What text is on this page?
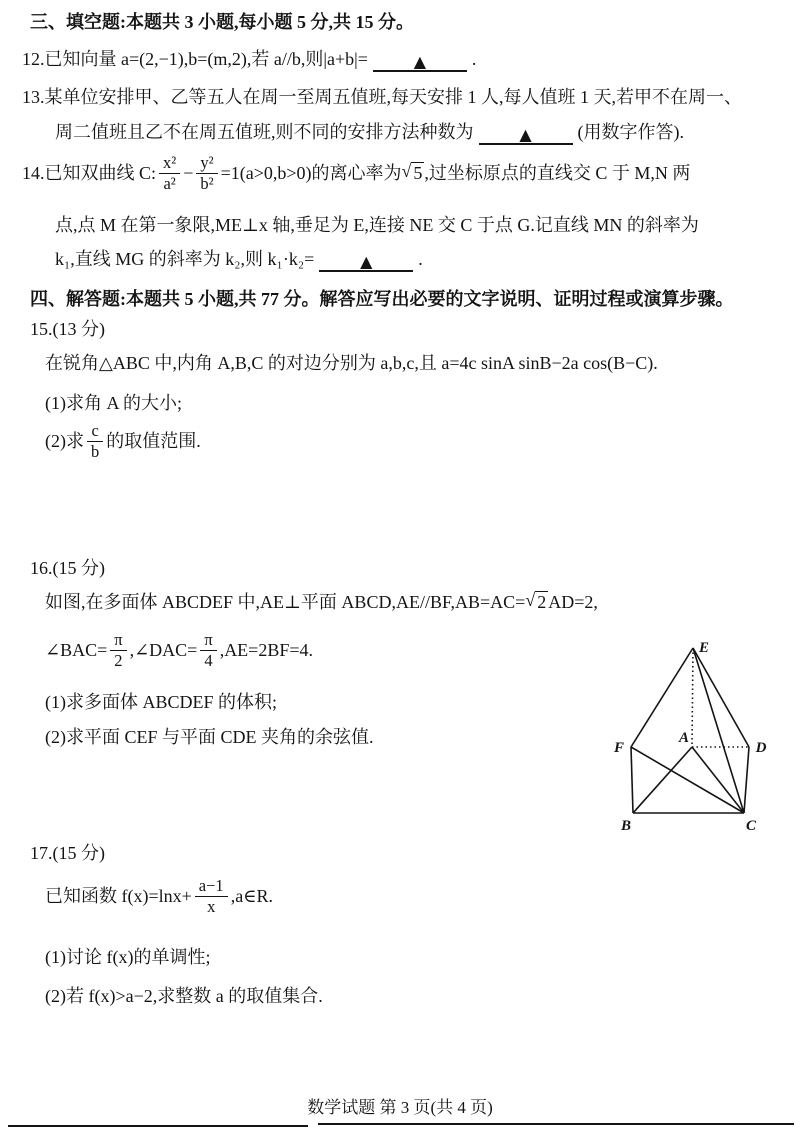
三、填空题:本题共 3 小题,每小题 5 分,共 15 分。
12.已知向量 a=(2,−1),b=(m,2),若 a//b,则|a+b|=	▲	.
13.某单位安排甲、乙等五人在周一至周五值班,每天安排 1 人,每人值班 1 天,若甲不在周一、
周二值班且乙不在周五值班,则不同的安排方法种数为	▲	(用数字作答).
14.已知双曲线 C: $\frac{\text{x²}}{\text{a²}} - \frac{\text{y²}}{\text{b²}} =1(a>0,b>0)$的离心率为 √ 5 ,过坐标原点的直线交 C 于 M,N 两
点,点 M 在第一象限,ME⊥x 轴,垂足为 E,连接 NE 交 C 于点 G.记直线 MN 的斜率为
k₁,直线 MG 的斜率为 k₂,则 k₁·k₂=	▲	.
四、解答题:本题共 5 小题,共 77 分。解答应写出必要的文字说明、证明过程或演算步骤。
15.(13 分)
在锐角△ABC 中,内角 A,B,C 的对边分别为 a,b,c,且 a=4c sinA sinB−2a cos(B−C).
(1)求角 A 的大小;
(2)求 $\frac{c}{b}$ 的取值范围.
16.(15 分)
如图,在多面体 ABCDEF 中,AE⊥平面 ABCD,AE//BF,AB=AC= √ 2 AD=2,
∠BAC= $\frac{\pi}{2}$ ,∠DAC= $\frac{\pi}{4} ,AE=2BF=4$.
(1)求多面体 ABCDEF 的体积;
(2)求平面 CEF 与平面 CDE 夹角的余弦值.
17.(15 分)
已知函数 $f(x)=\ln x+ \frac{a-1}{x}$ ,a∈R.
(1)讨论 f(x)的单调性;
(2)若 f(x)>a−2,求整数 a 的取值集合.
E
F
A
D
B	C
数学试题 第 3 页(共 4 页)
